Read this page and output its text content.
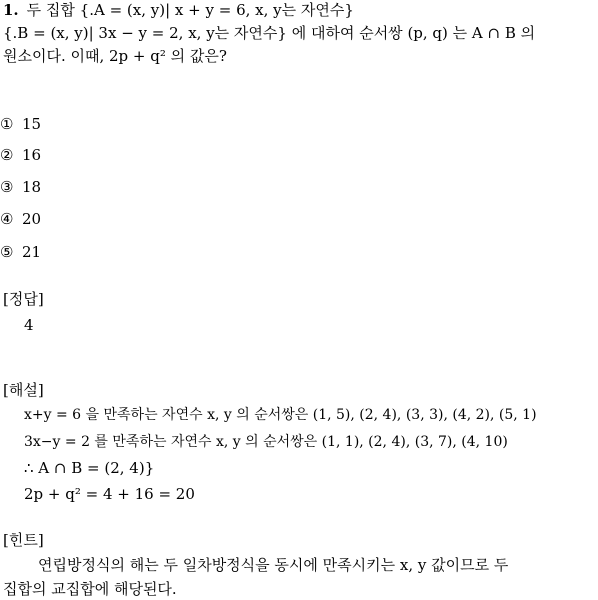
1. 두 집합 {.A = (x, y)| x + y = 6, x, y는 자연수}
{.B = (x, y)| 3x − y = 2, x, y는 자연수} 에 대하여 순서쌍 (p, q) 는 A ∩ B 의
원소이다. 이때, 2p + q² 의 값은?
① 15
② 16
③ 18
④ 20
⑤ 21
[정답]
4
[해설]
x+y = 6 을 만족하는 자연수 x, y 의 순서쌍은 (1, 5), (2, 4), (3, 3), (4, 2), (5, 1)
3x−y = 2 를 만족하는 자연수 x, y 의 순서쌍은 (1, 1), (2, 4), (3, 7), (4, 10)
∴ A ∩ B = (2, 4)}
2p + q² = 4 + 16 = 20
[힌트]
연립방정식의 해는 두 일차방정식을 동시에 만족시키는 x, y 값이므로 두
집합의 교집합에 해당된다.
